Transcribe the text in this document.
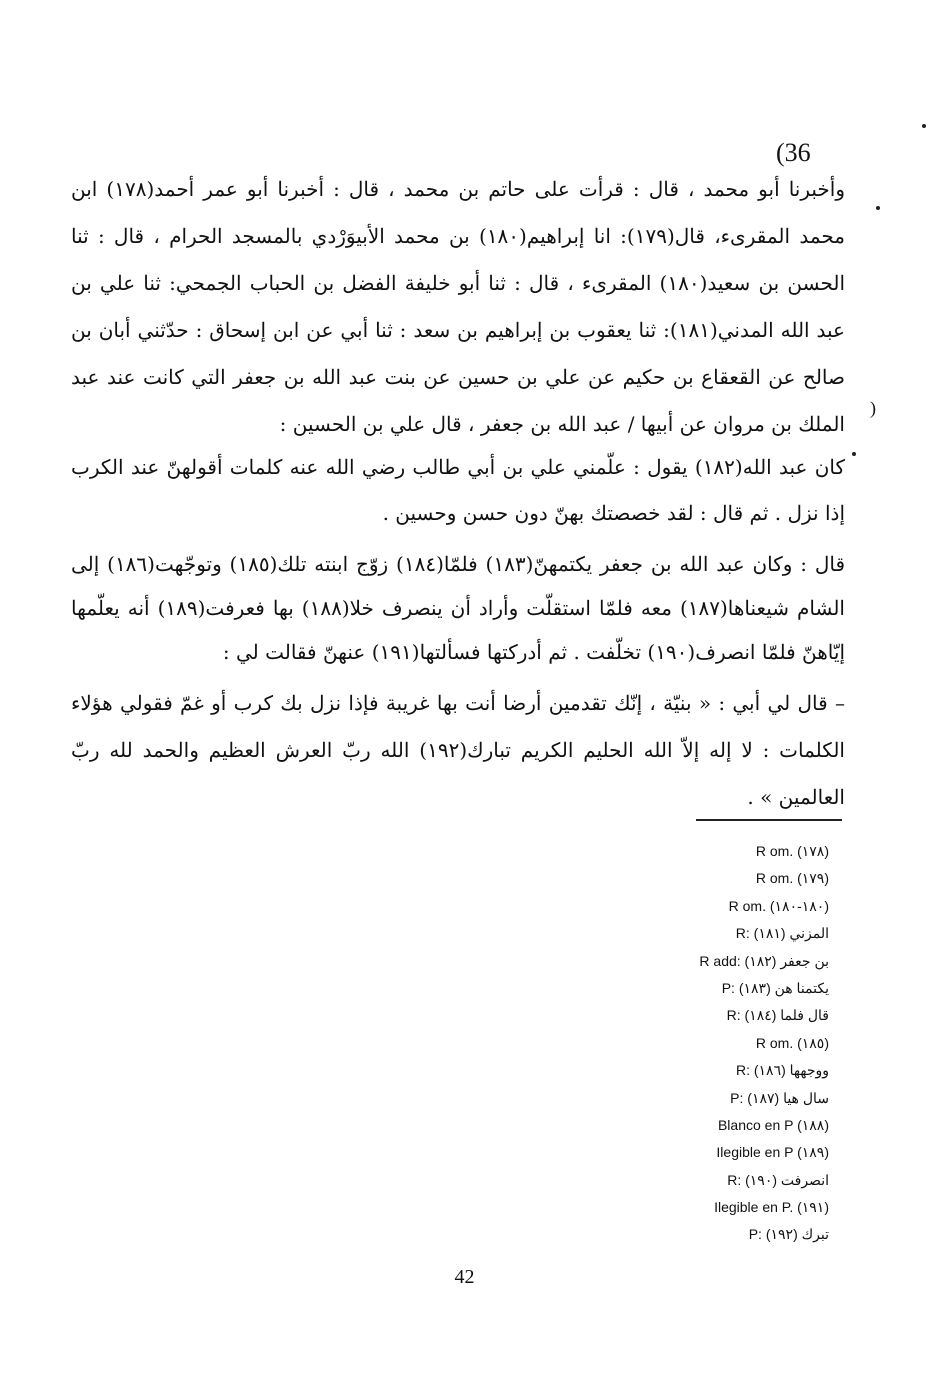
(36
)

وأخبرنا أبو محمد ، قال : قرأت على حاتم بن محمد ، قال : أخبرنا أبو عمر أحمد(١٧٨) ابن محمد المقرىء، قال(١٧٩): انا إبراهيم(١٨٠) بن محمد الأبيوَرْدي بالمسجد الحرام ، قال : ثنا الحسن بن سعيد(١٨٠) المقرىء ، قال : ثنا أبو خليفة الفضل بن الحباب الجمحي: ثنا علي بن عبد الله المدني(١٨١): ثنا يعقوب بن إبراهيم بن سعد : ثنا أبي عن ابن إسحاق : حدّثني أبان بن صالح عن القعقاع بن حكيم عن علي بن حسين عن بنت عبد الله بن جعفر التي كانت عند عبد الملك بن مروان عن أبيها / عبد الله بن جعفر ، قال علي بن الحسين :

كان عبد الله(١٨٢) يقول : علّمني علي بن أبي طالب رضي الله عنه كلمات أقولهنّ عند الكرب إذا نزل . ثم قال : لقد خصصتك بهنّ دون حسن وحسين .

قال : وكان عبد الله بن جعفر يكتمهنّ(١٨٣) فلمّا(١٨٤) زوّج ابنته تلك(١٨٥) وتوجّهت(١٨٦) إلى الشام شيعناها(١٨٧) معه فلمّا استقلّت وأراد أن ينصرف خلا(١٨٨) بها فعرفت(١٨٩) أنه يعلّمها إيّاهنّ فلمّا انصرف(١٩٠) تخلّفت . ثم أدركتها فسألتها(١٩١) عنهنّ فقالت لي :

– قال لي أبي : « بنيّة ، إنّك تقدمين أرضا أنت بها غريبة فإذا نزل بك كرب أو غمّ فقولي هؤلاء الكلمات : لا إله إلاّ الله الحليم الكريم تبارك(١٩٢) الله ربّ العرش العظيم والحمد لله ربّ العالمين » .

R om. (١٧٨)
R om. (١٧٩)
R om. (١٨٠-١٨٠)
R: المزني (١٨١)
R add: بن جعفر (١٨٢)
P: يكتمنا هن (١٨٣)
R: قال فلما (١٨٤)
R om. (١٨٥)
R: ووجهها (١٨٦)
P: سال هيا (١٨٧)
Blanco en P (١٨٨)
Ilegible en P (١٨٩)
R: انصرفت (١٩٠)
Ilegible en P. (١٩١)
P: تبرك (١٩٢)
42
